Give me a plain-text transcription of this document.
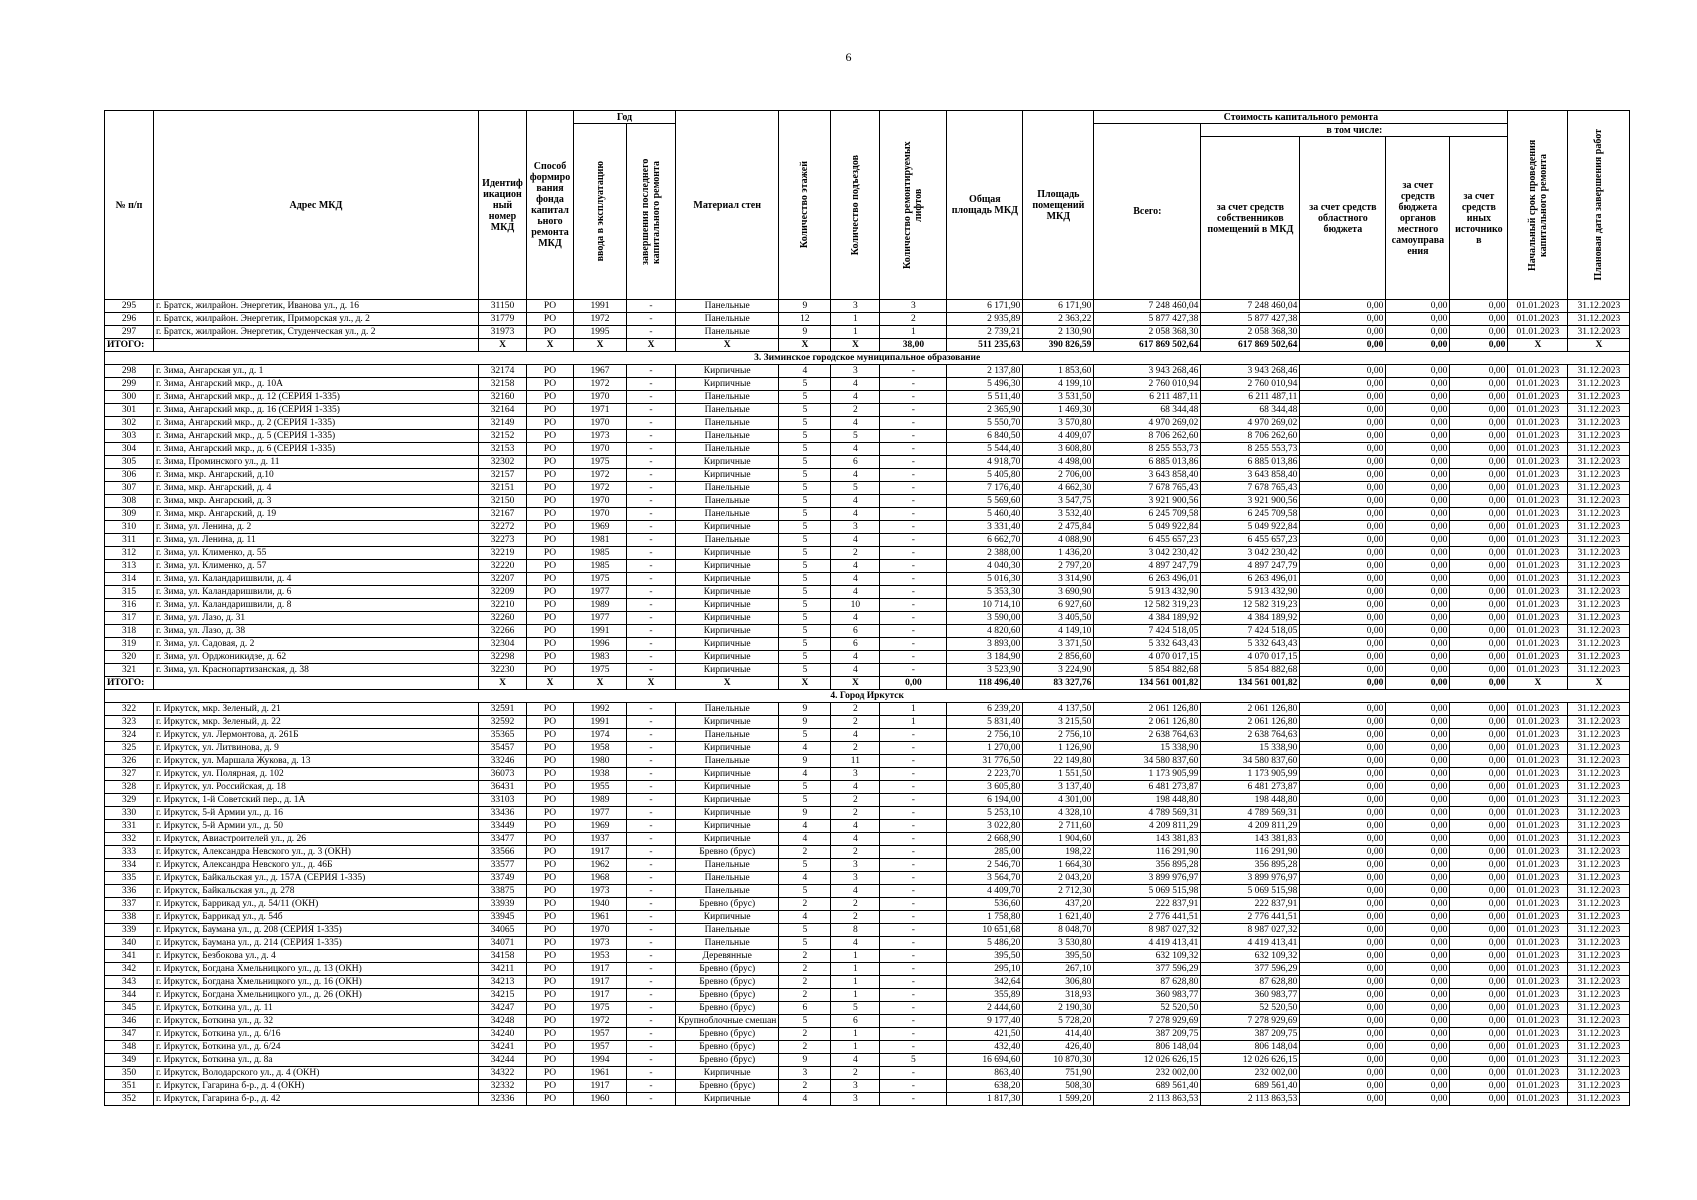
6
№ п/п	Адрес МКД	Идентиф икацион ный номер МКД	Способ формиро вания фонда капитал ьного ремонта МКД	Год		Материал стен	Количество этажей	Количество подъездов	Количество ремонтируемых лифтов	Общая площадь МКД	Площадь помещений МКД	Стоимость капитального ремонта					Начальный срок проведения капитального ремонта	Плановая дата завершения работ

				ввода в эксплуатацию	завершения последнего капитального ремонта							Всего:	в том числе:					
													за счет средств собственников помещений в МКД	за счет средств областного бюджета	за счет средств бюджета органов местного самоуправа ения	за счет средств иных источнико в		
295	г. Братск, жилрайон. Энергетик, Иванова ул., д. 16	31150	РО	1991	-	Панельные	9	3	3	6 171,90	6 171,90	7 248 460,04	7 248 460,04	0,00	0,00	0,00	01.01.2023	31.12.2023
296	г. Братск, жилрайон. Энергетик, Приморская ул., д. 2	31779	РО	1972	-	Панельные	12	1	2	2 935,89	2 363,22	5 877 427,38	5 877 427,38	0,00	0,00	0,00	01.01.2023	31.12.2023
297	г. Братск, жилрайон. Энергетик, Студенческая ул., д. 2	31973	РО	1995	-	Панельные	9	1	1	2 739,21	2 130,90	2 058 368,30	2 058 368,30	0,00	0,00	0,00	01.01.2023	31.12.2023
ИТОГО:		X	X	X	X	X	X	X	38,00	511 235,63	390 826,59	617 869 502,64	617 869 502,64	0,00	0,00	0,00	X	X
3. Зиминское городское муниципальное образование																		
298	г. Зима, Ангарская ул., д. 1	32174	РО	1967	-	Кирпичные	4	3	-	2 137,80	1 853,60	3 943 268,46	3 943 268,46	0,00	0,00	0,00	01.01.2023	31.12.2023
299	г. Зима, Ангарский мкр., д. 10А	32158	РО	1972	-	Кирпичные	5	4	-	5 496,30	4 199,10	2 760 010,94	2 760 010,94	0,00	0,00	0,00	01.01.2023	31.12.2023
300	г. Зима, Ангарский мкр., д. 12 (СЕРИЯ 1-335)	32160	РО	1970	-	Панельные	5	4	-	5 511,40	3 531,50	6 211 487,11	6 211 487,11	0,00	0,00	0,00	01.01.2023	31.12.2023
301	г. Зима, Ангарский мкр., д. 16 (СЕРИЯ 1-335)	32164	РО	1971	-	Панельные	5	2	-	2 365,90	1 469,30	68 344,48	68 344,48	0,00	0,00	0,00	01.01.2023	31.12.2023
302	г. Зима, Ангарский мкр., д. 2 (СЕРИЯ 1-335)	32149	РО	1970	-	Панельные	5	4	-	5 550,70	3 570,80	4 970 269,02	4 970 269,02	0,00	0,00	0,00	01.01.2023	31.12.2023
303	г. Зима, Ангарский мкр., д. 5 (СЕРИЯ 1-335)	32152	РО	1973	-	Панельные	5	5	-	6 840,50	4 409,07	8 706 262,60	8 706 262,60	0,00	0,00	0,00	01.01.2023	31.12.2023
304	г. Зима, Ангарский мкр., д. 6 (СЕРИЯ 1-335)	32153	РО	1970	-	Панельные	5	4	-	5 544,40	3 608,80	8 255 553,73	8 255 553,73	0,00	0,00	0,00	01.01.2023	31.12.2023
305	г. Зима, Проминского ул., д. 11	32302	РО	1975	-	Кирпичные	5	6	-	4 918,70	4 498,00	6 885 013,86	6 885 013,86	0,00	0,00	0,00	01.01.2023	31.12.2023
306	г. Зима, мкр. Ангарский, д.10	32157	РО	1972	-	Кирпичные	5	4	-	5 405,80	2 706,00	3 643 858,40	3 643 858,40	0,00	0,00	0,00	01.01.2023	31.12.2023
307	г. Зима, мкр. Ангарский, д. 4	32151	РО	1972	-	Панельные	5	5	-	7 176,40	4 662,30	7 678 765,43	7 678 765,43	0,00	0,00	0,00	01.01.2023	31.12.2023
308	г. Зима, мкр. Ангарский, д. 3	32150	РО	1970	-	Панельные	5	4	-	5 569,60	3 547,75	3 921 900,56	3 921 900,56	0,00	0,00	0,00	01.01.2023	31.12.2023
309	г. Зима, мкр. Ангарский, д. 19	32167	РО	1970	-	Панельные	5	4	-	5 460,40	3 532,40	6 245 709,58	6 245 709,58	0,00	0,00	0,00	01.01.2023	31.12.2023
310	г. Зима, ул. Ленина, д. 2	32272	РО	1969	-	Кирпичные	5	3	-	3 331,40	2 475,84	5 049 922,84	5 049 922,84	0,00	0,00	0,00	01.01.2023	31.12.2023
311	г. Зима, ул. Ленина, д. 11	32273	РО	1981	-	Панельные	5	4	-	6 662,70	4 088,90	6 455 657,23	6 455 657,23	0,00	0,00	0,00	01.01.2023	31.12.2023
312	г. Зима, ул. Клименко, д. 55	32219	РО	1985	-	Кирпичные	5	2	-	2 388,00	1 436,20	3 042 230,42	3 042 230,42	0,00	0,00	0,00	01.01.2023	31.12.2023
313	г. Зима, ул. Клименко, д. 57	32220	РО	1985	-	Кирпичные	5	4	-	4 040,30	2 797,20	4 897 247,79	4 897 247,79	0,00	0,00	0,00	01.01.2023	31.12.2023
314	г. Зима, ул. Каландаришвили, д. 4	32207	РО	1975	-	Кирпичные	5	4	-	5 016,30	3 314,90	6 263 496,01	6 263 496,01	0,00	0,00	0,00	01.01.2023	31.12.2023
315	г. Зима, ул. Каландаришвили, д. 6	32209	РО	1977	-	Кирпичные	5	4	-	5 353,30	3 690,90	5 913 432,90	5 913 432,90	0,00	0,00	0,00	01.01.2023	31.12.2023
316	г. Зима, ул. Каландаришвили, д. 8	32210	РО	1989	-	Кирпичные	5	10	-	10 714,10	6 927,60	12 582 319,23	12 582 319,23	0,00	0,00	0,00	01.01.2023	31.12.2023
317	г. Зима, ул. Лазо, д. 31	32260	РО	1977	-	Кирпичные	5	4	-	3 590,00	3 405,50	4 384 189,92	4 384 189,92	0,00	0,00	0,00	01.01.2023	31.12.2023
318	г. Зима, ул. Лазо, д. 38	32266	РО	1991	-	Кирпичные	5	6	-	4 820,60	4 149,10	7 424 518,05	7 424 518,05	0,00	0,00	0,00	01.01.2023	31.12.2023
319	г. Зима, ул. Садовая, д. 2	32304	РО	1996	-	Кирпичные	5	6	-	3 893,00	3 371,50	5 332 643,43	5 332 643,43	0,00	0,00	0,00	01.01.2023	31.12.2023
320	г. Зима, ул. Орджоникидзе, д. 62	32298	РО	1983	-	Кирпичные	5	4	-	3 184,90	2 856,60	4 070 017,15	4 070 017,15	0,00	0,00	0,00	01.01.2023	31.12.2023
321	г. Зима, ул. Краснопартизанская, д. 38	32230	РО	1975	-	Кирпичные	5	4	-	3 523,90	3 224,90	5 854 882,68	5 854 882,68	0,00	0,00	0,00	01.01.2023	31.12.2023
ИТОГО:		X	X	X	X	X	X	X	0,00	118 496,40	83 327,76	134 561 001,82	134 561 001,82	0,00	0,00	0,00	X	X
4. Город Иркутск																		
322	г. Иркутск, мкр. Зеленый, д. 21	32591	РО	1992	-	Панельные	9	2	1	6 239,20	4 137,50	2 061 126,80	2 061 126,80	0,00	0,00	0,00	01.01.2023	31.12.2023
323	г. Иркутск, мкр. Зеленый, д. 22	32592	РО	1991	-	Кирпичные	9	2	1	5 831,40	3 215,50	2 061 126,80	2 061 126,80	0,00	0,00	0,00	01.01.2023	31.12.2023
324	г. Иркутск, ул. Лермонтова, д. 261Б	35365	РО	1974	-	Панельные	5	4	-	2 756,10	2 756,10	2 638 764,63	2 638 764,63	0,00	0,00	0,00	01.01.2023	31.12.2023
325	г. Иркутск, ул. Литвинова, д. 9	35457	РО	1958	-	Кирпичные	4	2	-	1 270,00	1 126,90	15 338,90	15 338,90	0,00	0,00	0,00	01.01.2023	31.12.2023
326	г. Иркутск, ул. Маршала Жукова, д. 13	33246	РО	1980	-	Панельные	9	11	-	31 776,50	22 149,80	34 580 837,60	34 580 837,60	0,00	0,00	0,00	01.01.2023	31.12.2023
327	г. Иркутск, ул. Полярная, д. 102	36073	РО	1938	-	Кирпичные	4	3	-	2 223,70	1 551,50	1 173 905,99	1 173 905,99	0,00	0,00	0,00	01.01.2023	31.12.2023
328	г. Иркутск, ул. Российская, д. 18	36431	РО	1955	-	Кирпичные	5	4	-	3 605,80	3 137,40	6 481 273,87	6 481 273,87	0,00	0,00	0,00	01.01.2023	31.12.2023
329	г. Иркутск, 1-й Советский пер., д. 1А	33103	РО	1989	-	Кирпичные	5	2	-	6 194,00	4 301,00	198 448,80	198 448,80	0,00	0,00	0,00	01.01.2023	31.12.2023
330	г. Иркутск, 5-й Армии ул., д. 16	33436	РО	1977	-	Кирпичные	9	2	-	5 253,10	4 328,10	4 789 569,31	4 789 569,31	0,00	0,00	0,00	01.01.2023	31.12.2023
331	г. Иркутск, 5-й Армии ул., д. 50	33449	РО	1969	-	Кирпичные	4	4	-	3 022,80	2 711,60	4 209 811,29	4 209 811,29	0,00	0,00	0,00	01.01.2023	31.12.2023
332	г. Иркутск, Авиастроителей ул., д. 26	33477	РО	1937	-	Кирпичные	4	4	-	2 668,90	1 904,60	143 381,83	143 381,83	0,00	0,00	0,00	01.01.2023	31.12.2023
333	г. Иркутск, Александра Невского ул., д. 3 (ОКН)	33566	РО	1917	-	Бревно (брус)	2	2	-	285,00	198,22	116 291,90	116 291,90	0,00	0,00	0,00	01.01.2023	31.12.2023
334	г. Иркутск, Александра Невского ул., д. 46Б	33577	РО	1962	-	Панельные	5	3	-	2 546,70	1 664,30	356 895,28	356 895,28	0,00	0,00	0,00	01.01.2023	31.12.2023
335	г. Иркутск, Байкальская ул., д. 157А (СЕРИЯ 1-335)	33749	РО	1968	-	Панельные	4	3	-	3 564,70	2 043,20	3 899 976,97	3 899 976,97	0,00	0,00	0,00	01.01.2023	31.12.2023
336	г. Иркутск, Байкальская ул., д. 278	33875	РО	1973	-	Панельные	5	4	-	4 409,70	2 712,30	5 069 515,98	5 069 515,98	0,00	0,00	0,00	01.01.2023	31.12.2023
337	г. Иркутск, Баррикад ул., д. 54/11 (ОКН)	33939	РО	1940	-	Бревно (брус)	2	2	-	536,60	437,20	222 837,91	222 837,91	0,00	0,00	0,00	01.01.2023	31.12.2023
338	г. Иркутск, Баррикад ул., д. 54б	33945	РО	1961	-	Кирпичные	4	2	-	1 758,80	1 621,40	2 776 441,51	2 776 441,51	0,00	0,00	0,00	01.01.2023	31.12.2023
339	г. Иркутск, Баумана ул., д. 208 (СЕРИЯ 1-335)	34065	РО	1970	-	Панельные	5	8	-	10 651,68	8 048,70	8 987 027,32	8 987 027,32	0,00	0,00	0,00	01.01.2023	31.12.2023
340	г. Иркутск, Баумана ул., д. 214 (СЕРИЯ 1-335)	34071	РО	1973	-	Панельные	5	4	-	5 486,20	3 530,80	4 419 413,41	4 419 413,41	0,00	0,00	0,00	01.01.2023	31.12.2023
341	г. Иркутск, Безбокова ул., д. 4	34158	РО	1953	-	Деревянные	2	1	-	395,50	395,50	632 109,32	632 109,32	0,00	0,00	0,00	01.01.2023	31.12.2023
342	г. Иркутск, Богдана Хмельницкого ул., д. 13 (ОКН)	34211	РО	1917	-	Бревно (брус)	2	1	-	295,10	267,10	377 596,29	377 596,29	0,00	0,00	0,00	01.01.2023	31.12.2023
343	г. Иркутск, Богдана Хмельницкого ул., д. 16 (ОКН)	34213	РО	1917	-	Бревно (брус)	2	1	-	342,64	306,80	87 628,80	87 628,80	0,00	0,00	0,00	01.01.2023	31.12.2023
344	г. Иркутск, Богдана Хмельницкого ул., д. 26 (ОКН)	34215	РО	1917	-	Бревно (брус)	2	1	-	355,89	318,93	360 983,77	360 983,77	0,00	0,00	0,00	01.01.2023	31.12.2023
345	г. Иркутск, Боткина ул., д. 11	34247	РО	1975	-	Бревно (брус)	6	5	-	2 444,60	2 190,30	52 520,50	52 520,50	0,00	0,00	0,00	01.01.2023	31.12.2023
346	г. Иркутск, Боткина ул., д. 32	34248	РО	1972	-	Крупноблочные смешан	5	6	-	9 177,40	5 728,20	7 278 929,69	7 278 929,69	0,00	0,00	0,00	01.01.2023	31.12.2023
347	г. Иркутск, Боткина ул., д. 6/16	34240	РО	1957	-	Бревно (брус)	2	1	-	421,50	414,40	387 209,75	387 209,75	0,00	0,00	0,00	01.01.2023	31.12.2023
348	г. Иркутск, Боткина ул., д. 6/24	34241	РО	1957	-	Бревно (брус)	2	1	-	432,40	426,40	806 148,04	806 148,04	0,00	0,00	0,00	01.01.2023	31.12.2023
349	г. Иркутск, Боткина ул., д. 8а	34244	РО	1994	-	Бревно (брус)	9	4	5	16 694,60	10 870,30	12 026 626,15	12 026 626,15	0,00	0,00	0,00	01.01.2023	31.12.2023
350	г. Иркутск, Володарского ул., д. 4 (ОКН)	34322	РО	1961	-	Кирпичные	3	2	-	863,40	751,90	232 002,00	232 002,00	0,00	0,00	0,00	01.01.2023	31.12.2023
351	г. Иркутск, Гагарина б-р., д. 4 (ОКН)	32332	РО	1917	-	Бревно (брус)	2	3	-	638,20	508,30	689 561,40	689 561,40	0,00	0,00	0,00	01.01.2023	31.12.2023
352	г. Иркутск, Гагарина б-р., д. 42	32336	РО	1960	-	Кирпичные	4	3	-	1 817,30	1 599,20	2 113 863,53	2 113 863,53	0,00	0,00	0,00	01.01.2023	31.12.2023
